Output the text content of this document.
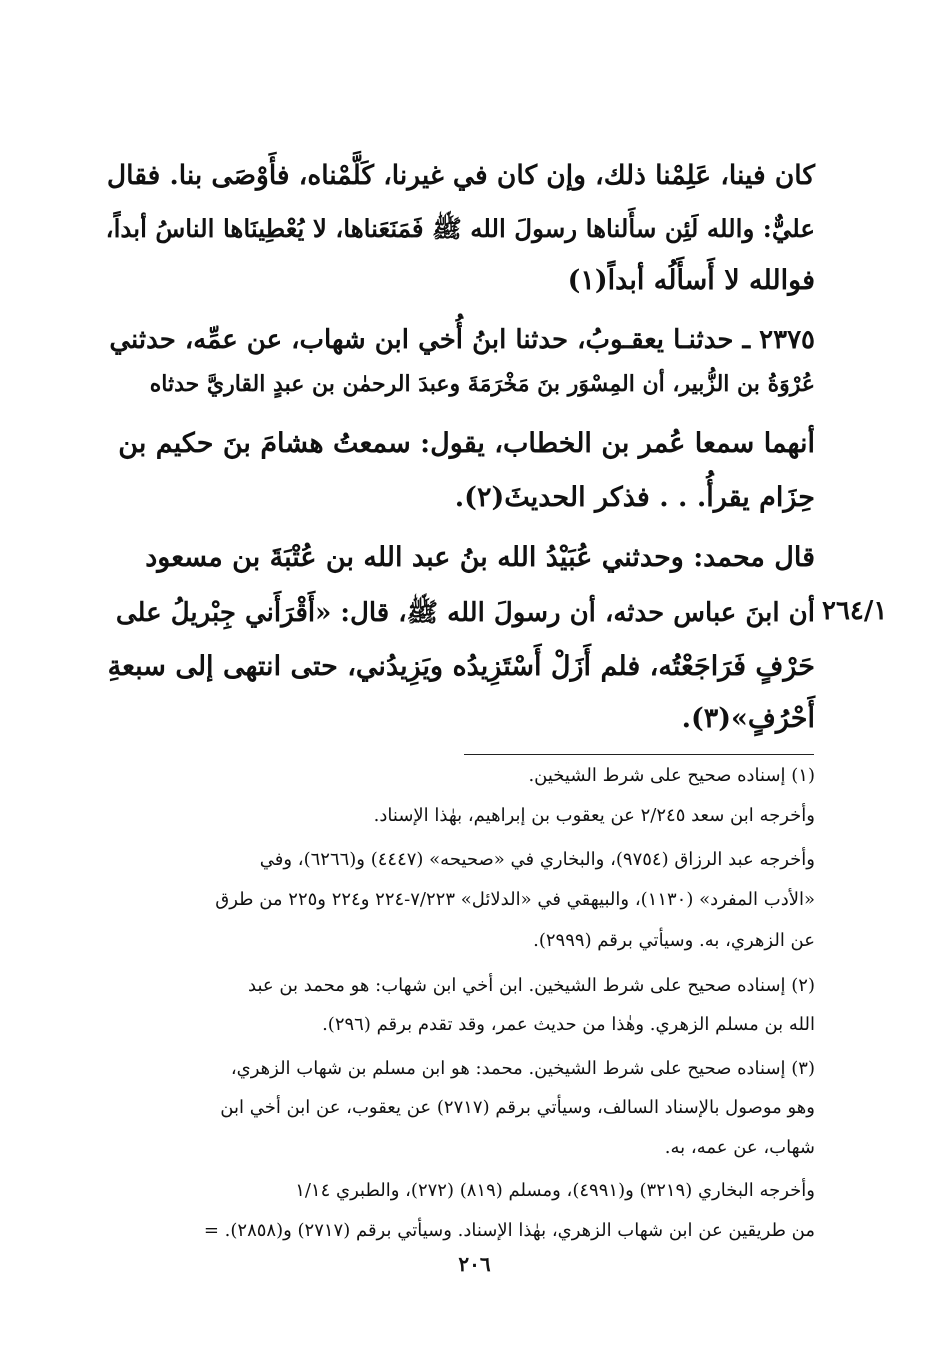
كان فينا، عَلِمْنا ذلك، وإن كان في غيرنا، كَلَّمْناه، فأَوْصَى بنا. فقال
عليٌّ: والله لَئِن سأَلناها رسولَ الله ﷺ فَمَنَعَناها، لا يُعْطِينَاها الناسُ أبداً،
فوالله لا أَسأَلُه أبداً(١)
٢٣٧٥ ـ حدثنـا يعقـوبُ، حدثنا ابنُ أُخي ابن شهاب، عن عمِّه، حدثني
عُرْوَةُ بن الزُّبير، أن المِسْوَر بنَ مَخْرَمَةَ وعبدَ الرحمٰن بن عبدٍ القاريَّ حدثاه
أنهما سمعا عُمر بن الخطاب، يقول: سمعتُ هشامَ بنَ حكيم بن
حِزَام يقرأُ. . . فذكر الحديثَ(٢).
قال محمد: وحدثني عُبَيْدُ الله بنُ عبد الله بن عُتْبَةَ بن مسعود
أن ابنَ عباس حدثه، أن رسولَ الله ﷺ، قال: «أَقْرَأَني جِبْريلُ على
حَرْفٍ فَرَاجَعْتُه، فلم أَزَلْ أَسْتَزِيدُه ويَزِيدُني، حتى انتهى إلى سبعةِ
أَحْرُفٍ»(٣).
٢٦٤/١
(١) إسناده صحيح على شرط الشيخين.
وأخرجه ابن سعد ٢/٢٤٥ عن يعقوب بن إبراهيم، بهٰذا الإسناد.
وأخرجه عبد الرزاق (٩٧٥٤)، والبخاري في «صحيحه» (٤٤٤٧) و(٦٢٦٦)، وفي
«الأدب المفرد» (١١٣٠)، والبيهقي في «الدلائل» ٧/٢٢٣-٢٢٤ و٢٢٤ و٢٢٥ من طرق
عن الزهري، به. وسيأتي برقم (٢٩٩٩).
(٢) إسناده صحيح على شرط الشيخين. ابن أخي ابن شهاب: هو محمد بن عبد
الله بن مسلم الزهري. وهٰذا من حديث عمر، وقد تقدم برقم (٢٩٦).
(٣) إسناده صحيح على شرط الشيخين. محمد: هو ابن مسلم بن شهاب الزهري،
وهو موصول بالإسناد السالف، وسيأتي برقم (٢٧١٧) عن يعقوب، عن ابن أخي ابن
شهاب، عن عمه، به.
وأخرجه البخاري (٣٢١٩) و(٤٩٩١)، ومسلم (٨١٩) (٢٧٢)، والطبري ١/١٤
من طريقين عن ابن شهاب الزهري، بهٰذا الإسناد. وسيأتي برقم (٢٧١٧) و(٢٨٥٨). =
٢٠٦
